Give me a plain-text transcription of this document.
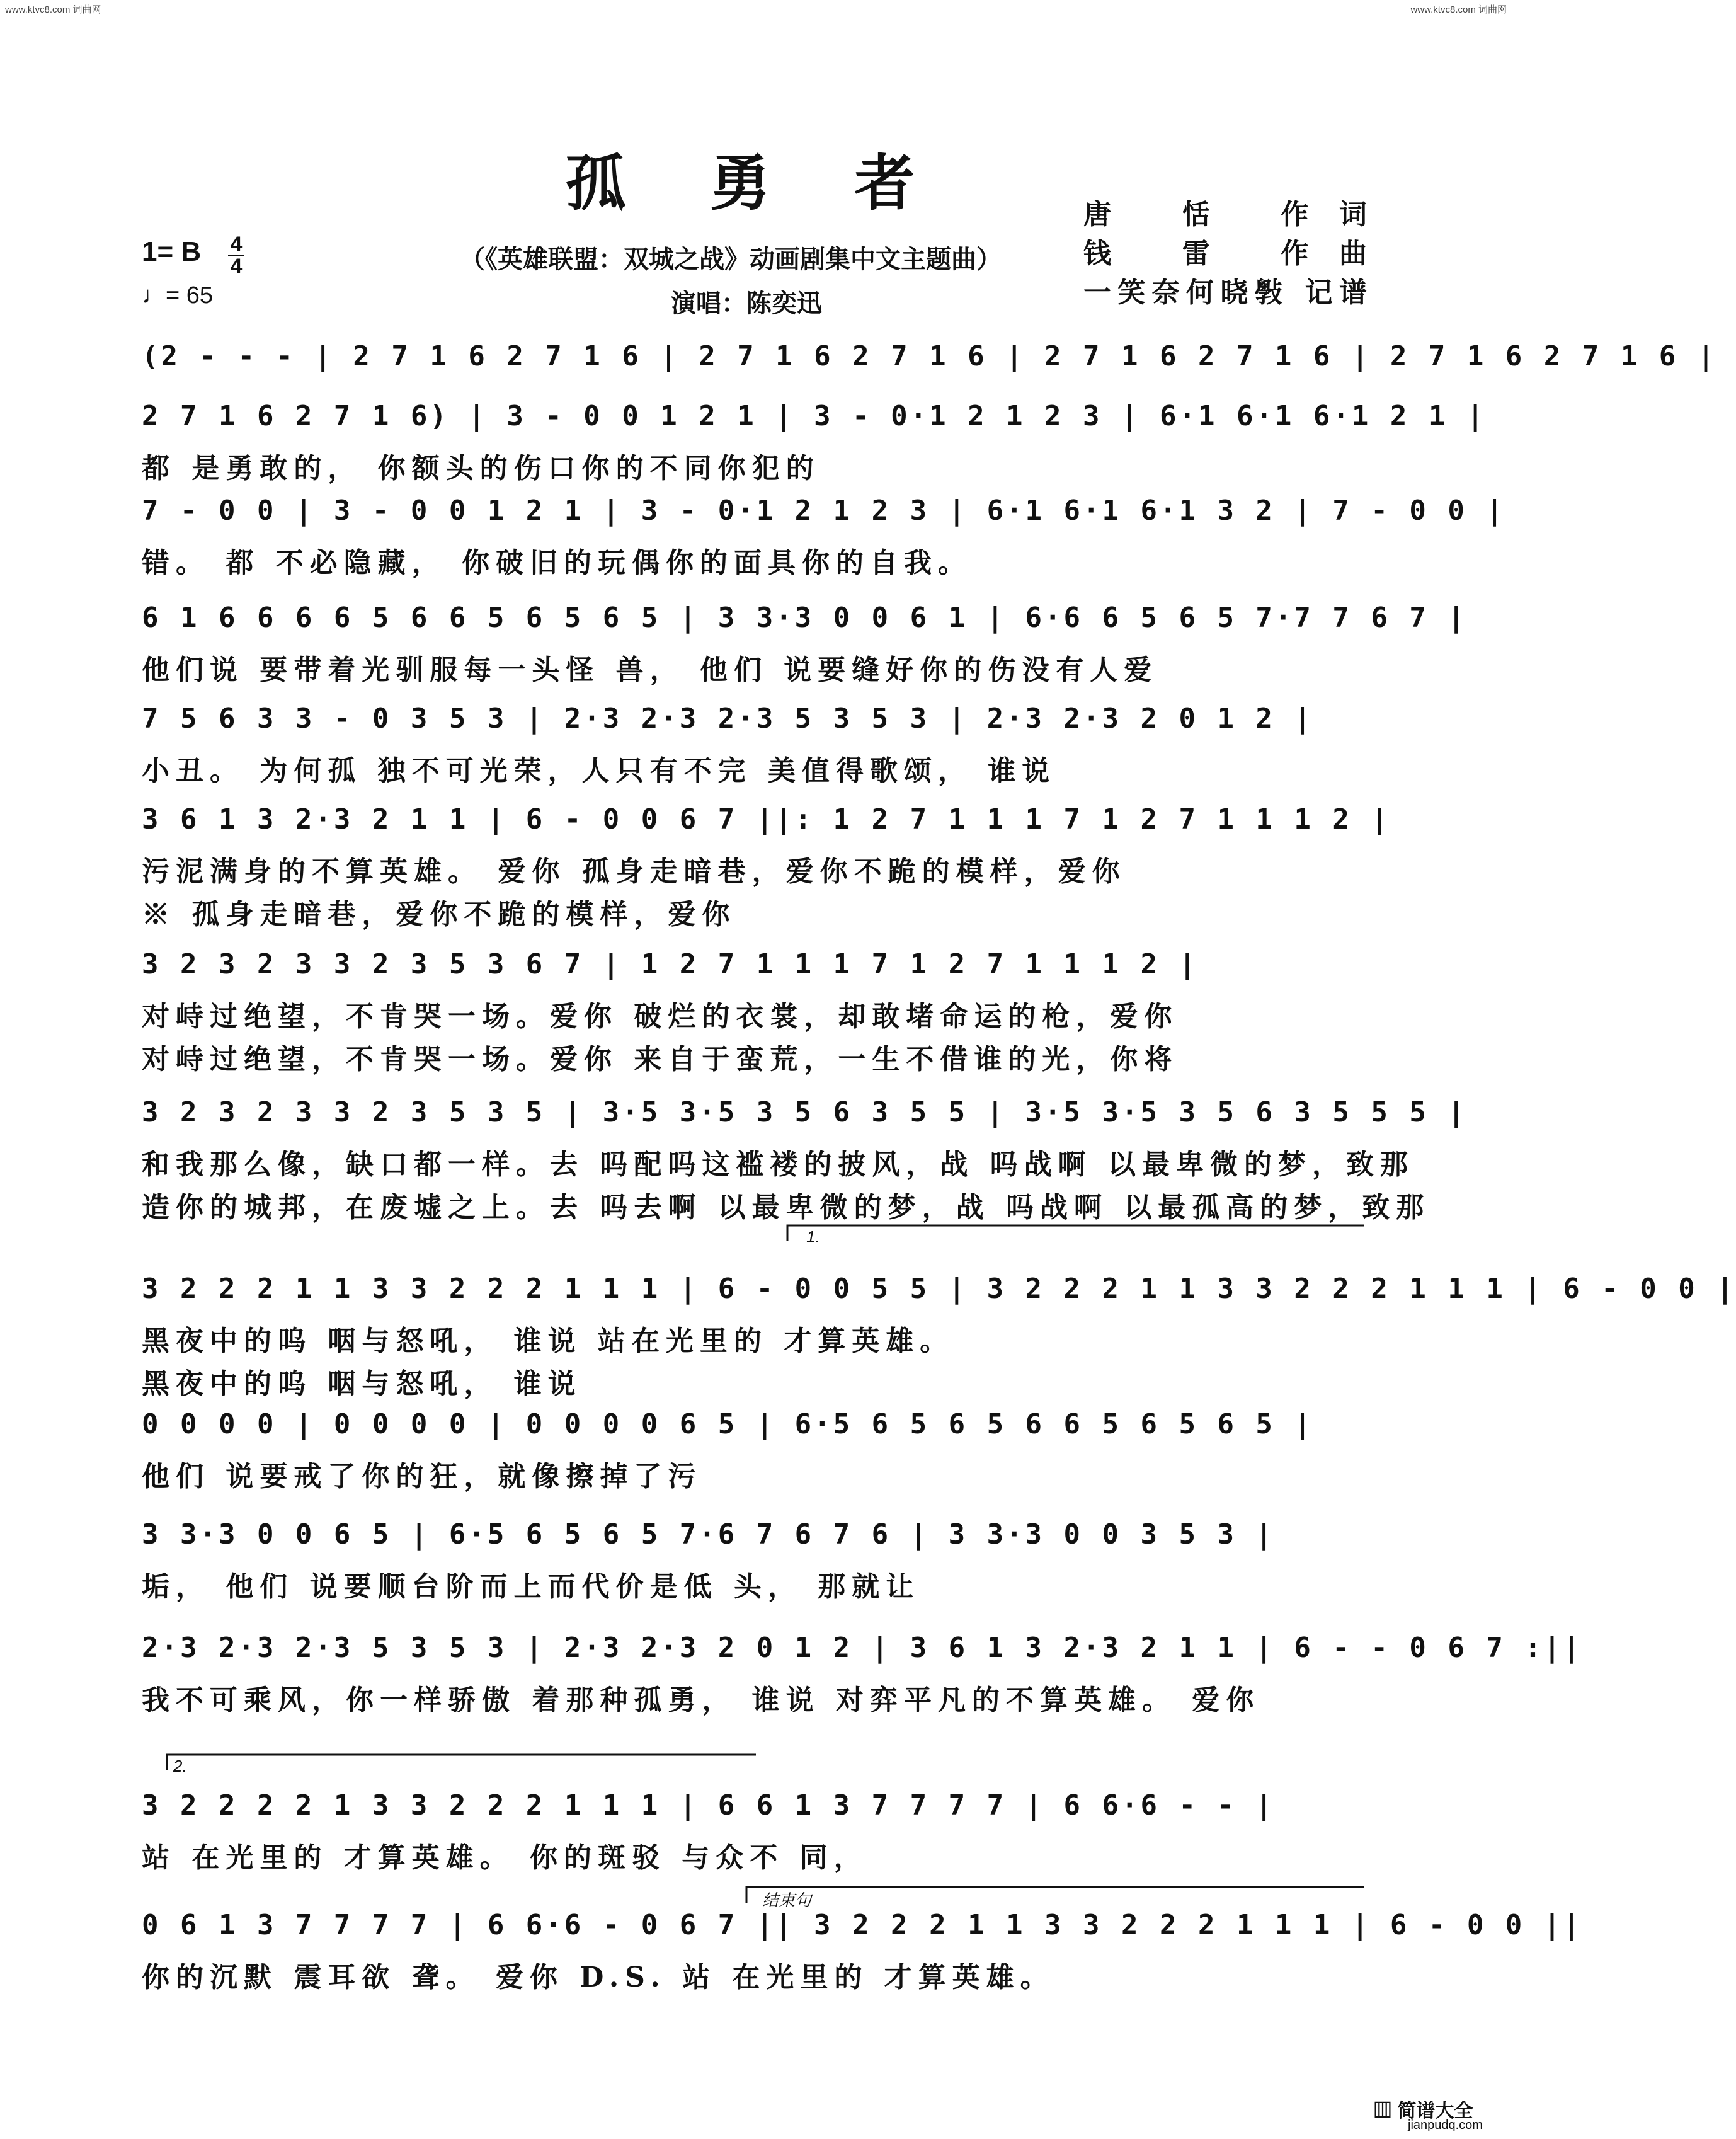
www.ktvc8.com 词曲网	www.ktvc8.com 词曲网
孤 勇 者	唐 恬 作词
钱 雷 作曲
一笑奈何晓斅 记谱
1= B 4
4
♩= 65
（《英雄联盟：双城之战》动画剧集中文主题曲）
演唱：陈奕迅
(2 - - - | 2 7 1 6 2 7 1 6 | 2 7 1 6 2 7 1 6 | 2 7 1 6 2 7 1 6 | 2 7 1 6 2 7 1 6 |
2 7 1 6 2 7 1 6) | 3 - 0 0 1 2 1 | 3 - 0·1 2 1 2 3 | 6·1 6·1 6·1 2 1 |
都 是勇敢的， 你额头的伤口你的不同你犯的
7 - 0 0 | 3 - 0 0 1 2 1 | 3 - 0·1 2 1 2 3 | 6·1 6·1 6·1 3 2 | 7 - 0 0 |
错。 都 不必隐藏， 你破旧的玩偶你的面具你的自我。
6 1 6 6 6 6 5 6 6 5 6 5 6 5 | 3 3·3 0 0 6 1 | 6·6 6 5 6 5 7·7 7 6 7 |
他们说 要带着光驯服每一头怪 兽， 他们 说要缝好你的伤没有人爱
7 5 6 3 3 - 0 3 5 3 | 2·3 2·3 2·3 5 3 5 3 | 2·3 2·3 2 0 1 2 |
小丑。 为何孤 独不可光荣，人只有不完 美值得歌颂， 谁说
3 6 1 3 2·3 2 1 1 | 6 - 0 0 6 7 ||: 1 2 7 1 1 1 7 1 2 7 1 1 1 2 |
污泥满身的不算英雄。 爱你 孤身走暗巷，爱你不跪的模样，爱你
※ 孤身走暗巷，爱你不跪的模样，爱你
3 2 3 2 3 3 2 3 5 3 6 7 | 1 2 7 1 1 1 7 1 2 7 1 1 1 2 |
对峙过绝望，不肯哭一场。爱你 破烂的衣裳，却敢堵命运的枪，爱你
对峙过绝望，不肯哭一场。爱你 来自于蛮荒，一生不借谁的光，你将
3 2 3 2 3 3 2 3 5 3 5 | 3·5 3·5 3 5 6 3 5 5 | 3·5 3·5 3 5 6 3 5 5 5 |
和我那么像，缺口都一样。去 吗配吗这褴褛的披风，战 吗战啊 以最卑微的梦，致那
造你的城邦，在废墟之上。去 吗去啊 以最卑微的梦，战 吗战啊 以最孤高的梦，致那
3 2 2 2 1 1 3 3 2 2 2 1 1 1 | 6 - 0 0 5 5 | 3 2 2 2 1 1 3 3 2 2 2 1 1 1 | 6 - 0 0 |
黑夜中的呜 咽与怒吼， 谁说 站在光里的 才算英雄。
黑夜中的呜 咽与怒吼， 谁说
0 0 0 0 | 0 0 0 0 | 0 0 0 0 6 5 | 6·5 6 5 6 5 6 6 5 6 5 6 5 |
他们 说要戒了你的狂，就像擦掉了污
3 3·3 0 0 6 5 | 6·5 6 5 6 5 7·6 7 6 7 6 | 3 3·3 0 0 3 5 3 |
垢， 他们 说要顺台阶而上而代价是低 头， 那就让
2·3 2·3 2·3 5 3 5 3 | 2·3 2·3 2 0 1 2 | 3 6 1 3 2·3 2 1 1 | 6 - - 0 6 7 :||
我不可乘风，你一样骄傲 着那种孤勇， 谁说 对弈平凡的不算英雄。 爱你
3 2 2 2 2 1 3 3 2 2 2 1 1 1 | 6 6 1 3 7 7 7 7 | 6 6·6 - - |
站 在光里的 才算英雄。 你的斑驳 与众不 同，
0 6 1 3 7 7 7 7 | 6 6·6 - 0 6 7 || 3 2 2 2 1 1 3 3 2 2 2 1 1 1 | 6 - 0 0 ||
你的沉默 震耳欲 聋。 爱你 D.S. 站 在光里的 才算英雄。
1.
2.
结束句
▥ 简谱大全
jianpudq.com
